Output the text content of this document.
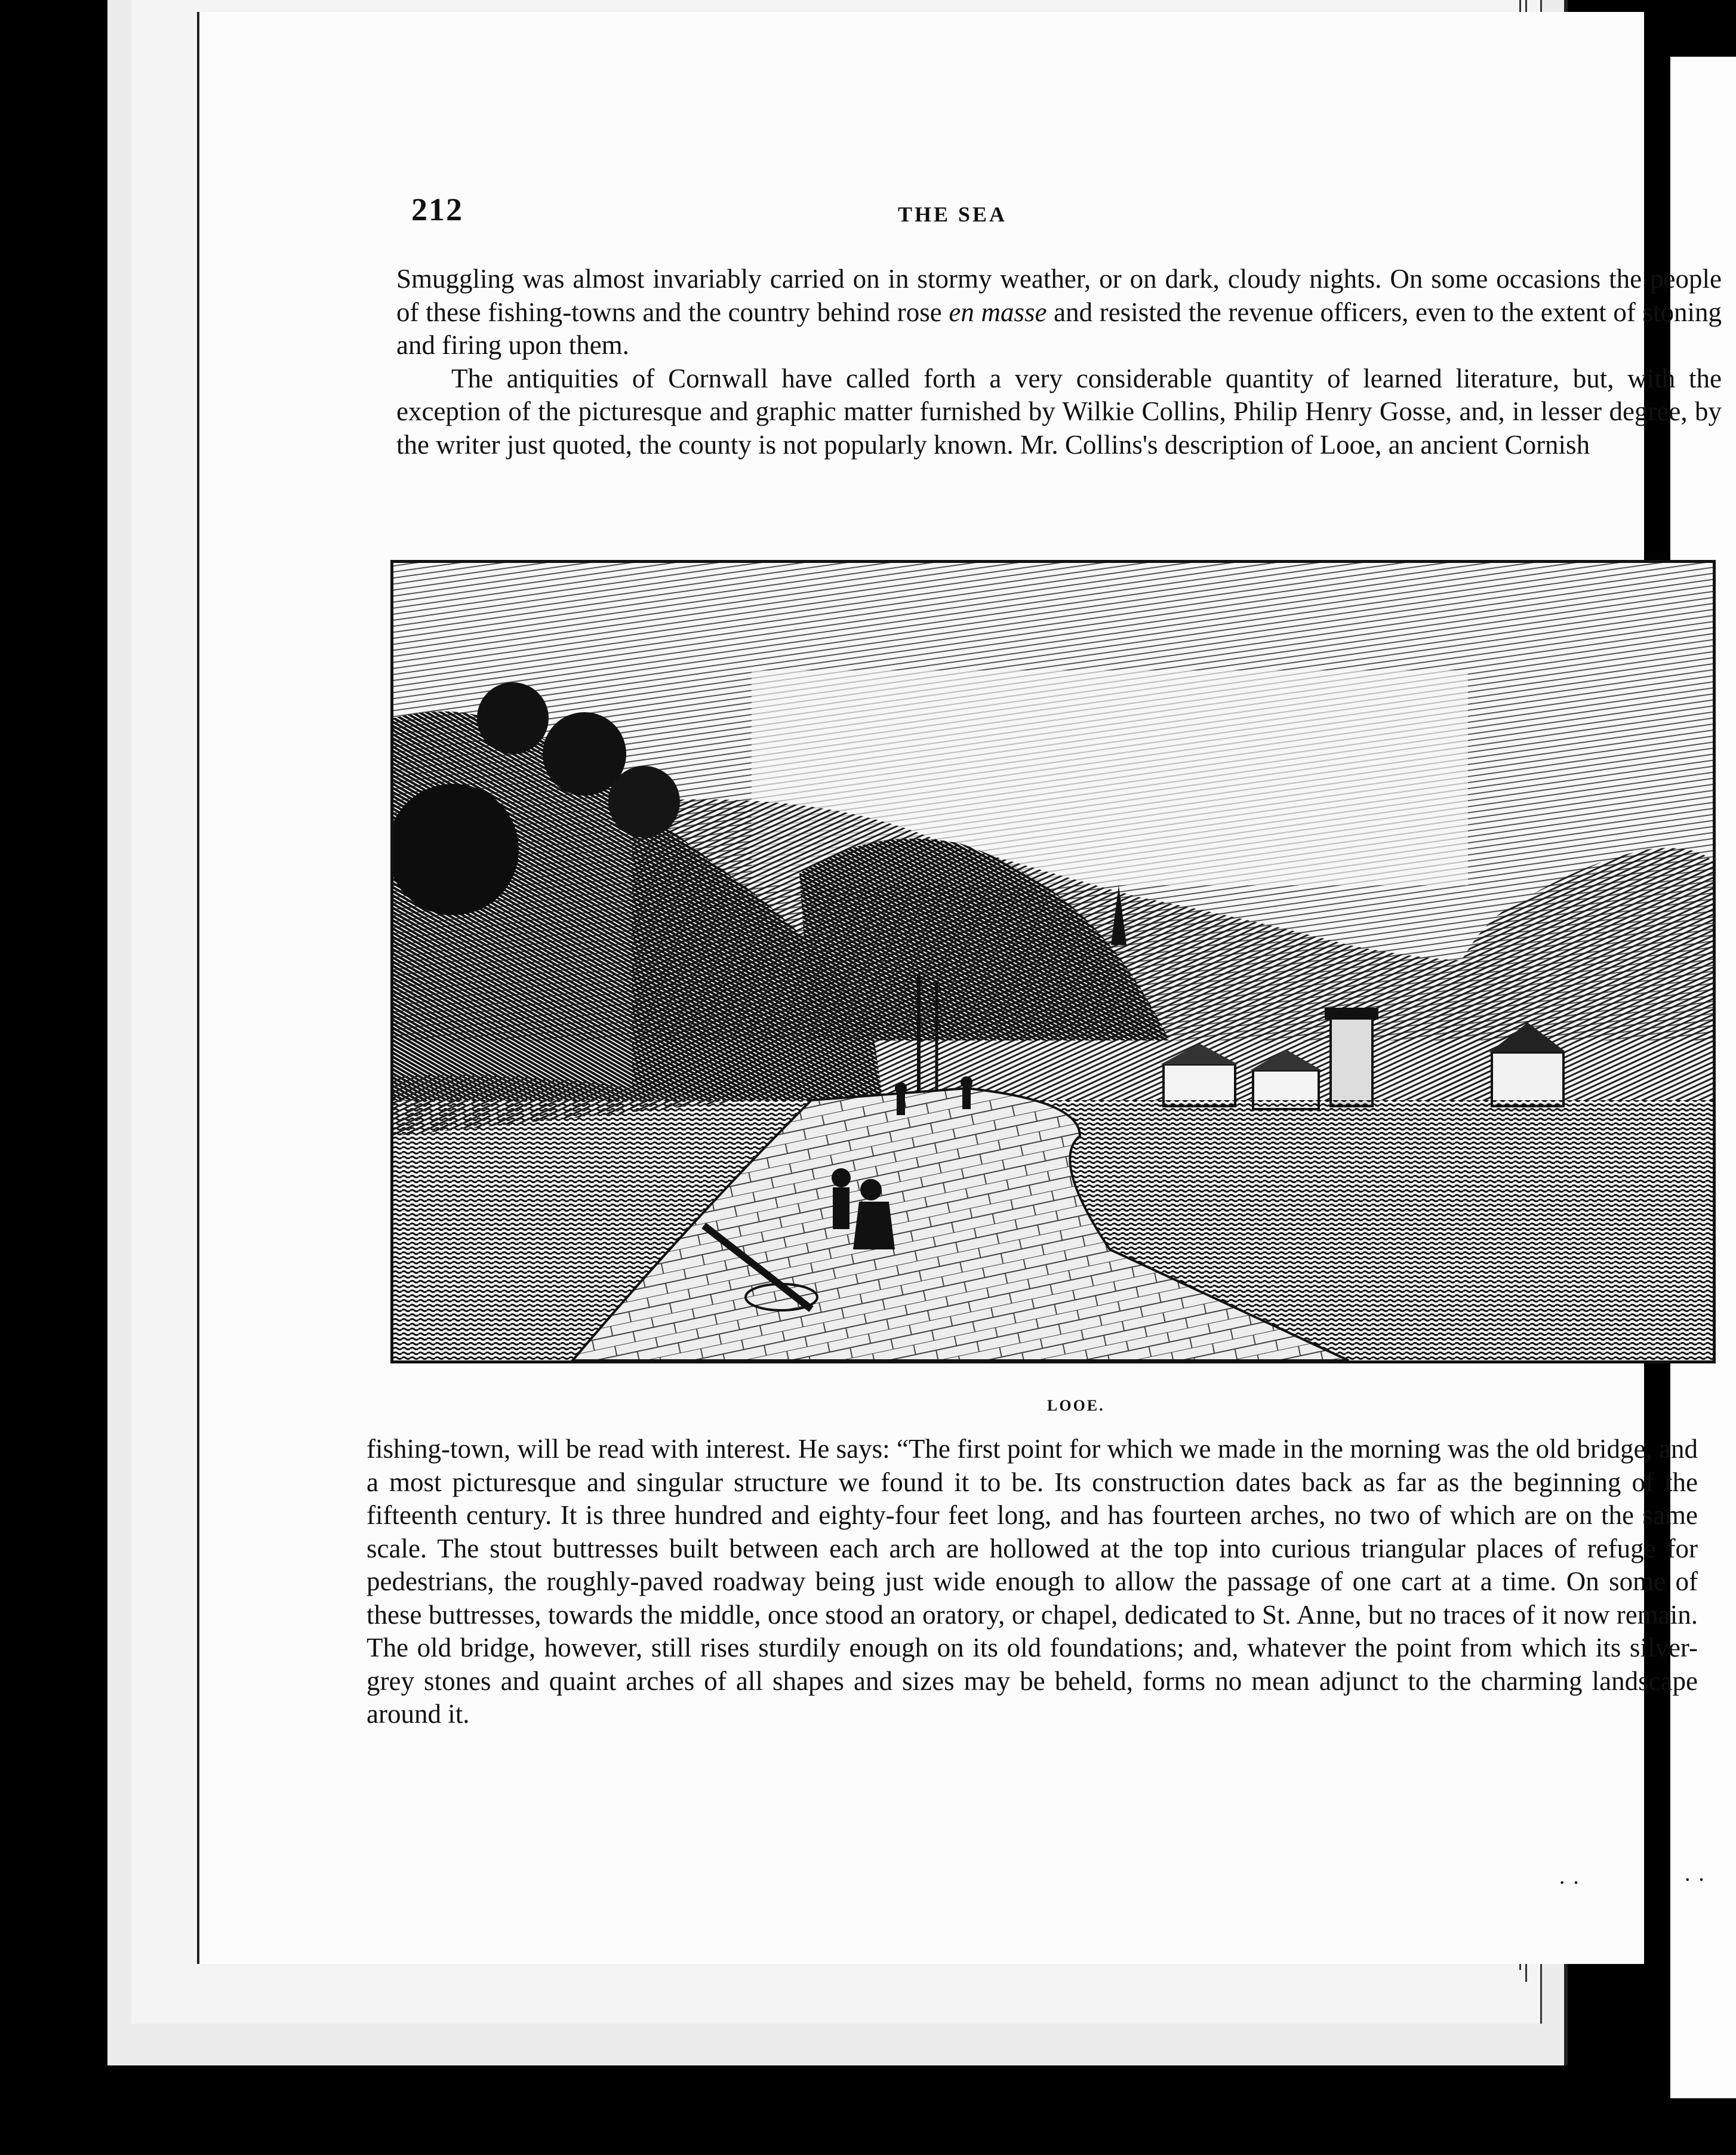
212	THE SEA

Smuggling was almost invariably carried on in stormy weather, or on dark, cloudy nights. On some occasions the people of these fishing-towns and the country behind rose en masse and resisted the revenue officers, even to the extent of stoning and firing upon them.

The antiquities of Cornwall have called forth a very considerable quantity of learned literature, but, with the exception of the picturesque and graphic matter furnished by Wilkie Collins, Philip Henry Gosse, and, in lesser degree, by the writer just quoted, the county is not popularly known. Mr. Collins's description of Looe, an ancient Cornish

LOOE.

fishing-town, will be read with interest. He says: “The first point for which we made in the morning was the old bridge, and a most picturesque and singular structure we found it to be. Its construction dates back as far as the beginning of the fifteenth century. It is three hundred and eighty-four feet long, and has fourteen arches, no two of which are on the same scale. The stout buttresses built between each arch are hollowed at the top into curious triangular places of refuge for pedestrians, the roughly-paved roadway being just wide enough to allow the passage of one cart at a time. On some of these buttresses, towards the middle, once stood an oratory, or chapel, dedicated to St. Anne, but no traces of it now remain. The old bridge, however, still rises sturdily enough on its old foundations; and, whatever the point from which its silver-grey stones and quaint arches of all shapes and sizes may be beheld, forms no mean adjunct to the charming landscape around it.

· ·	· ·
